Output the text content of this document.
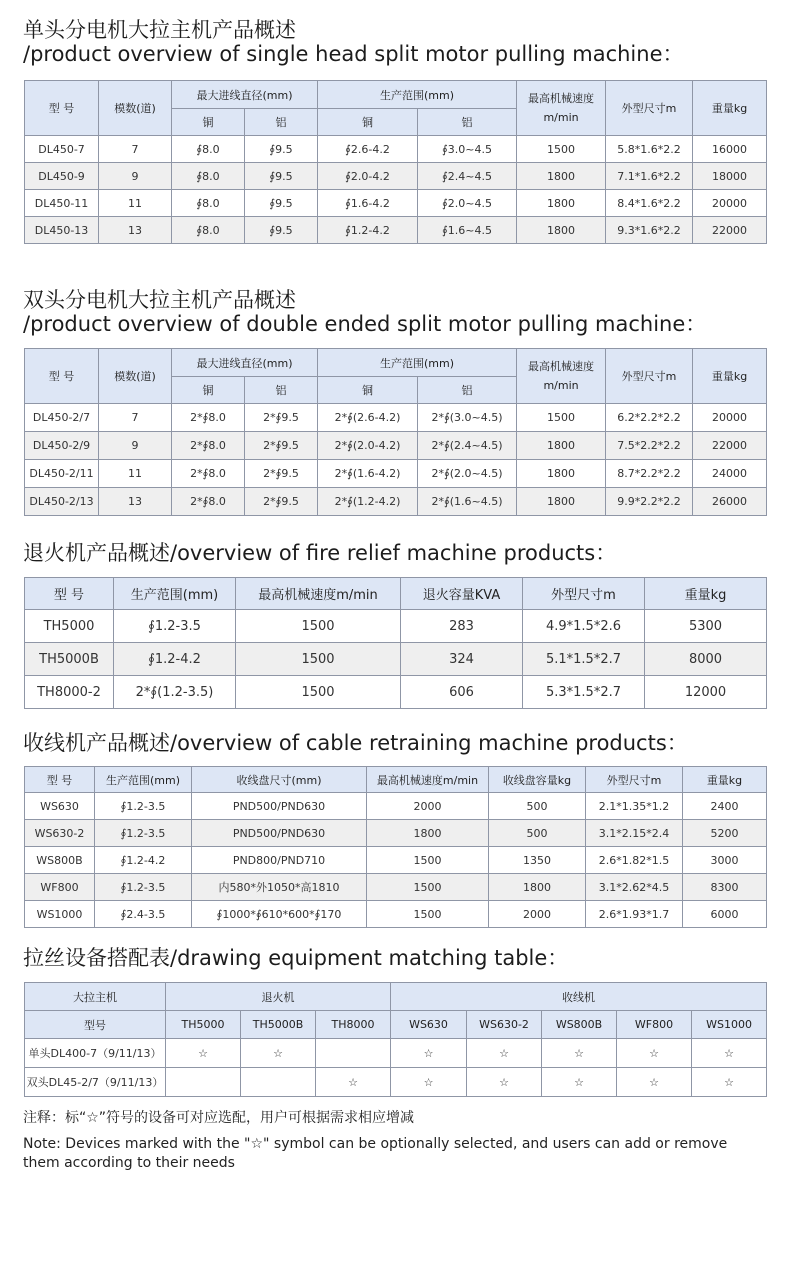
单头分电机大拉主机产品概述
/product overview of single head split motor pulling machine：
型 号	模数(道)	最大进线直径(mm)		生产范围(mm)		最高机械速度m/min	外型尺寸m	重量kg
		铜	铝	铜	铝			
DL450-7	7	∮8.0	∮9.5	∮2.6-4.2	∮3.0~4.5	1500	5.8*1.6*2.2	16000
DL450-9	9	∮8.0	∮9.5	∮2.0-4.2	∮2.4~4.5	1800	7.1*1.6*2.2	18000
DL450-11	11	∮8.0	∮9.5	∮1.6-4.2	∮2.0~4.5	1800	8.4*1.6*2.2	20000
DL450-13	13	∮8.0	∮9.5	∮1.2-4.2	∮1.6~4.5	1800	9.3*1.6*2.2	22000
双头分电机大拉主机产品概述
/product overview of double ended split motor pulling machine：
型 号	模数(道)	最大进线直径(mm)		生产范围(mm)		最高机械速度m/min	外型尺寸m	重量kg
		铜	铝	铜	铝			
DL450-2/7	7	2*∮8.0	2*∮9.5	2*∮(2.6-4.2)	2*∮(3.0~4.5)	1500	6.2*2.2*2.2	20000
DL450-2/9	9	2*∮8.0	2*∮9.5	2*∮(2.0-4.2)	2*∮(2.4~4.5)	1800	7.5*2.2*2.2	22000
DL450-2/11	11	2*∮8.0	2*∮9.5	2*∮(1.6-4.2)	2*∮(2.0~4.5)	1800	8.7*2.2*2.2	24000
DL450-2/13	13	2*∮8.0	2*∮9.5	2*∮(1.2-4.2)	2*∮(1.6~4.5)	1800	9.9*2.2*2.2	26000
退火机产品概述/overview of fire relief machine products：
型 号	生产范围(mm)	最高机械速度m/min	退火容量KVA	外型尺寸m	重量kg
TH5000	∮1.2-3.5	1500	283	4.9*1.5*2.6	5300
TH5000B	∮1.2-4.2	1500	324	5.1*1.5*2.7	8000
TH8000-2	2*∮(1.2-3.5)	1500	606	5.3*1.5*2.7	12000
收线机产品概述/overview of cable retraining machine products：
型 号	生产范围(mm)	收线盘尺寸(mm)	最高机械速度m/min	收线盘容量kg	外型尺寸m	重量kg
WS630	∮1.2-3.5	PND500/PND630	2000	500	2.1*1.35*1.2	2400
WS630-2	∮1.2-3.5	PND500/PND630	1800	500	3.1*2.15*2.4	5200
WS800B	∮1.2-4.2	PND800/PND710	1500	1350	2.6*1.82*1.5	3000
WF800	∮1.2-3.5	内580*外1050*高1810	1500	1800	3.1*2.62*4.5	8300
WS1000	∮2.4-3.5	∮1000*∮610*600*∮170	1500	2000	2.6*1.93*1.7	6000
拉丝设备搭配表/drawing equipment matching table：
大拉主机	退火机			收线机				
型号	TH5000	TH5000B	TH8000	WS630	WS630-2	WS800B	WF800	WS1000
单头DL400-7（9/11/13）	☆	☆		☆	☆	☆	☆	☆
双头DL45-2/7（9/11/13）			☆	☆	☆	☆	☆	☆
注释：标“☆”符号的设备可对应选配，用户可根据需求相应增减
Note: Devices marked with the "☆" symbol can be optionally selected, and users can add or remove them according to their needs
